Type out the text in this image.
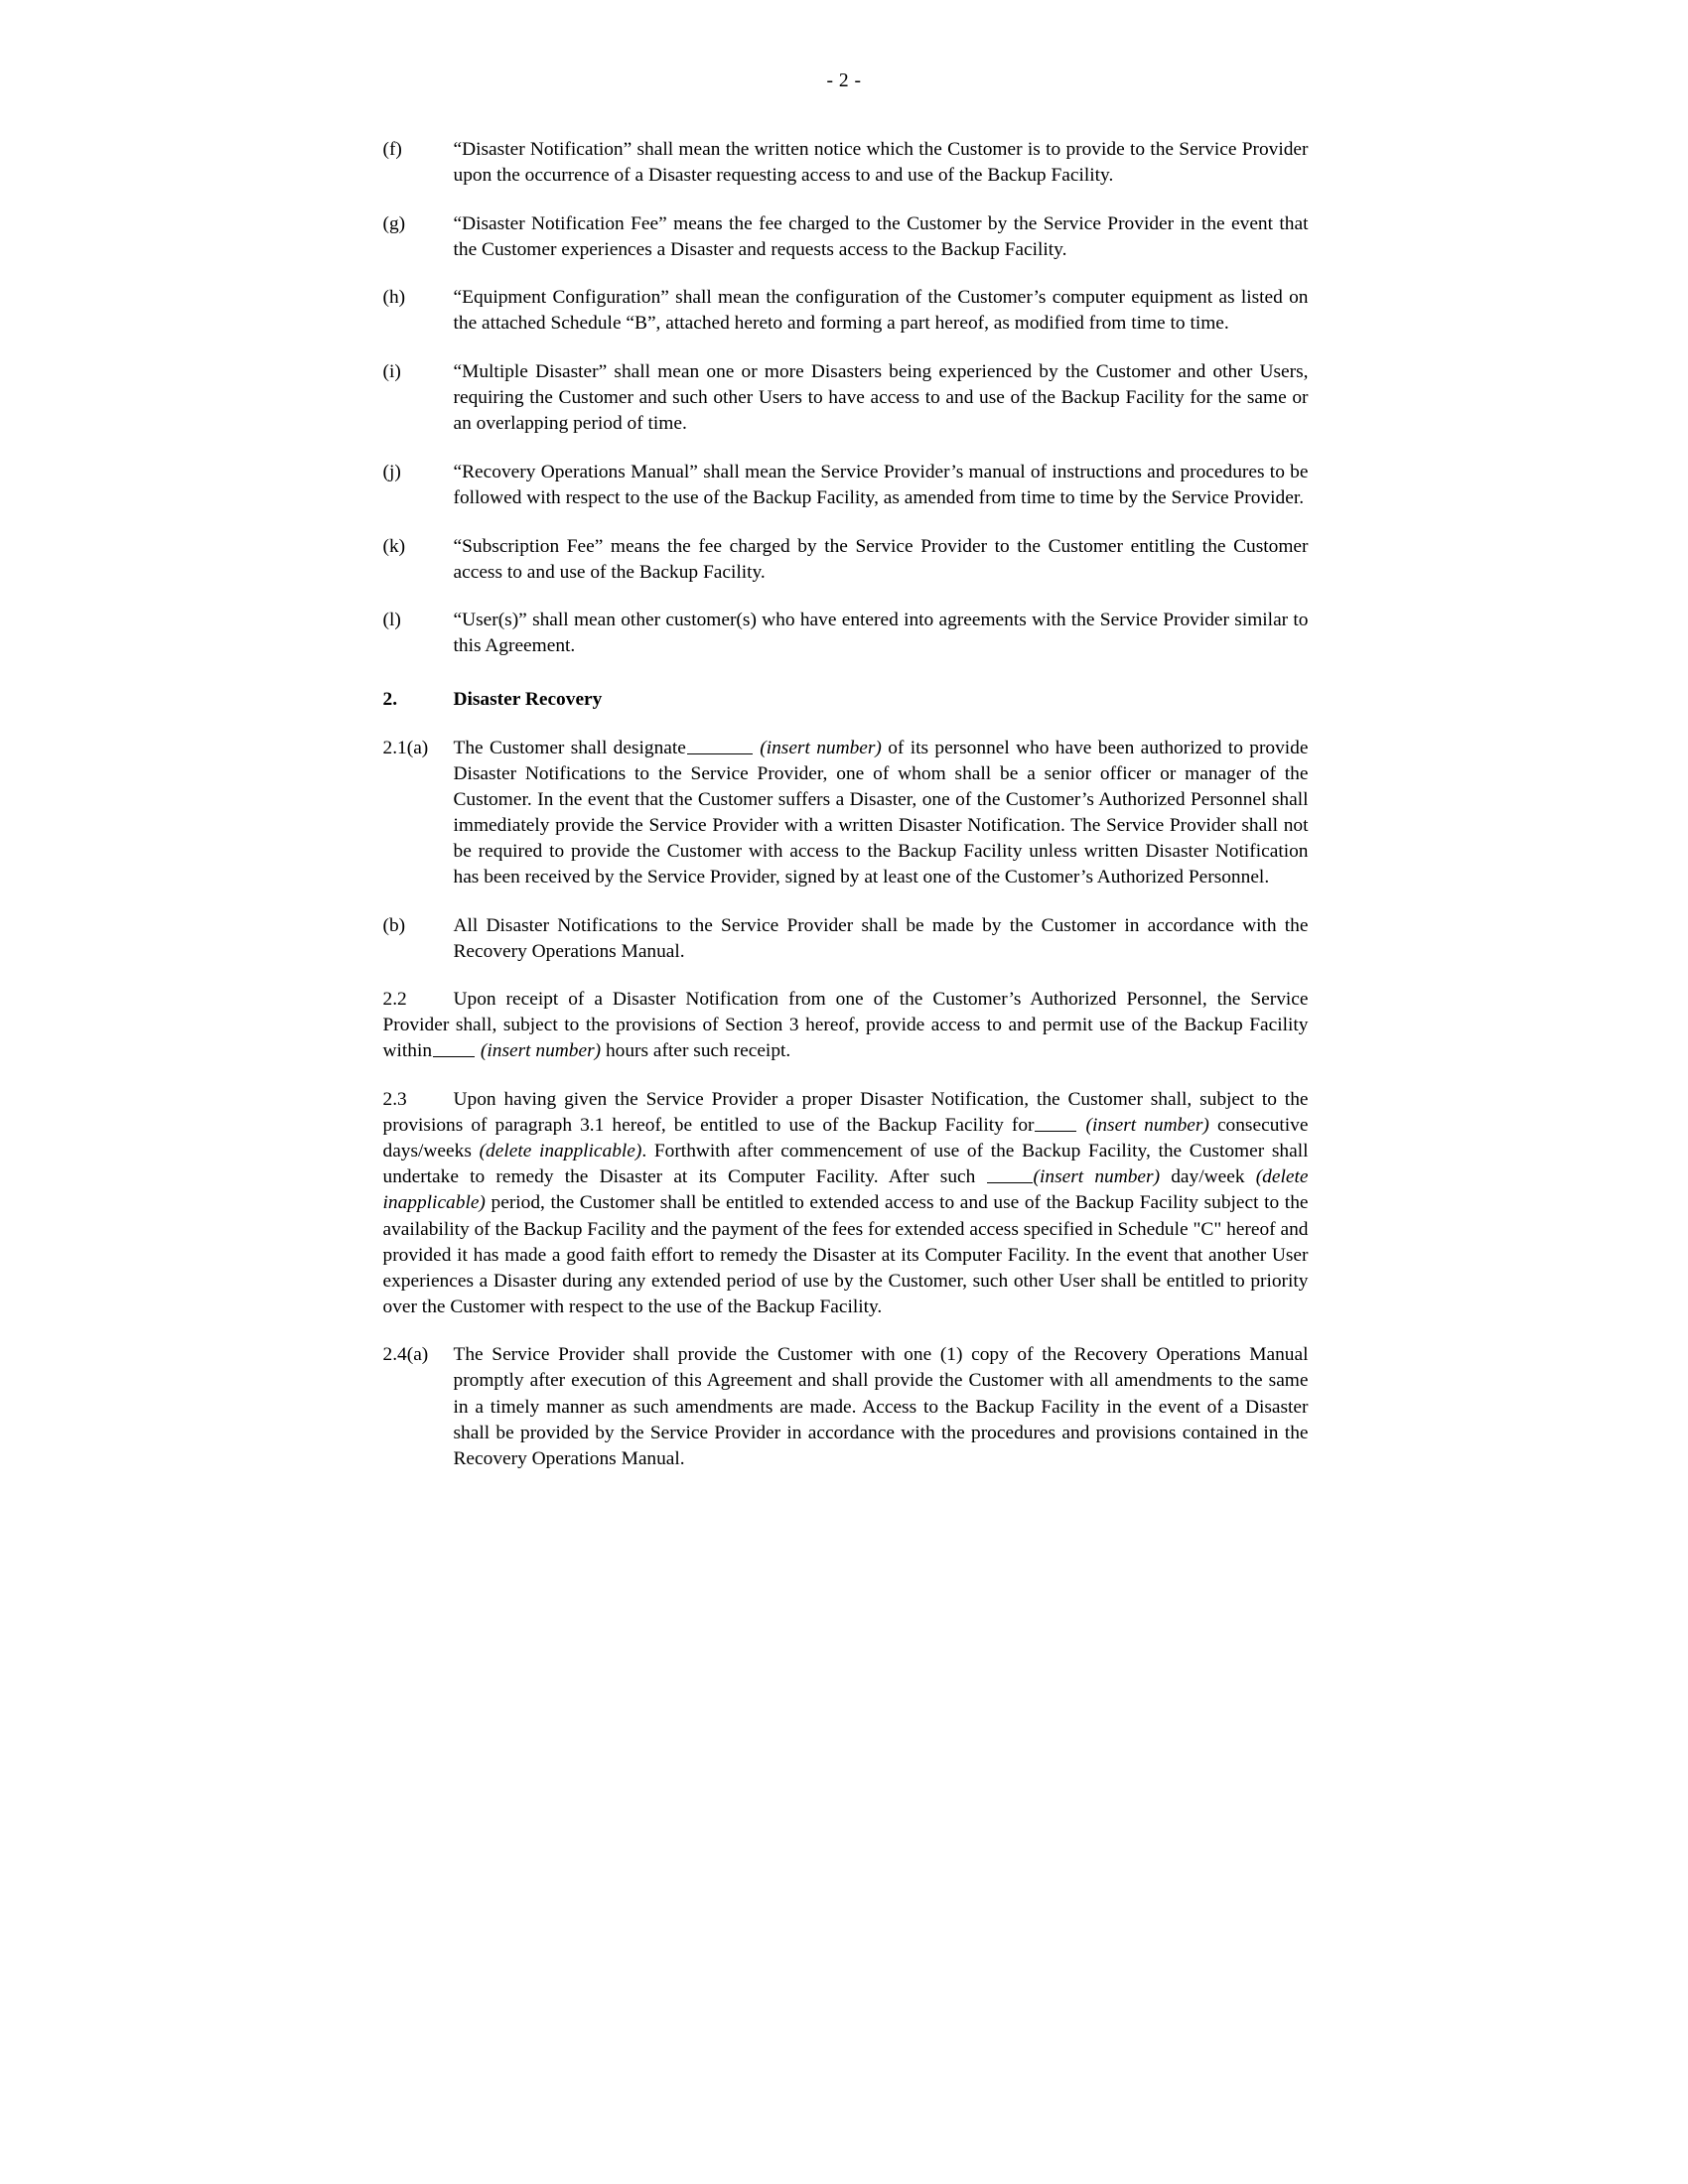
- 2 -
(f)	“Disaster Notification” shall mean the written notice which the Customer is to provide to the Service Provider upon the occurrence of a Disaster requesting access to and use of the Backup Facility.
(g)	“Disaster Notification Fee” means the fee charged to the Customer by the Service Provider in the event that the Customer experiences a Disaster and requests access to the Backup Facility.
(h)	“Equipment Configuration” shall mean the configuration of the Customer’s computer equipment as listed on the attached Schedule “B”, attached hereto and forming a part hereof, as modified from time to time.
(i)	“Multiple Disaster” shall mean one or more Disasters being experienced by the Customer and other Users, requiring the Customer and such other Users to have access to and use of the Backup Facility for the same or an overlapping period of time.
(j)	“Recovery Operations Manual” shall mean the Service Provider’s manual of instructions and procedures to be followed with respect to the use of the Backup Facility, as amended from time to time by the Service Provider.
(k)	“Subscription Fee” means the fee charged by the Service Provider to the Customer entitling the Customer access to and use of the Backup Facility.
(l)	“User(s)” shall mean other customer(s) who have entered into agreements with the Service Provider similar to this Agreement.
2.	Disaster Recovery
2.1(a)	The Customer shall designate	(insert number) of its personnel who have been authorized to provide Disaster Notifications to the Service Provider, one of whom shall be a senior officer or manager of the Customer. In the event that the Customer suffers a Disaster, one of the Customer’s Authorized Personnel shall immediately provide the Service Provider with a written Disaster Notification. The Service Provider shall not be required to provide the Customer with access to the Backup Facility unless written Disaster Notification has been received by the Service Provider, signed by at least one of the Customer’s Authorized Personnel.
(b)	All Disaster Notifications to the Service Provider shall be made by the Customer in accordance with the Recovery Operations Manual.
2.2 Upon receipt of a Disaster Notification from one of the Customer’s Authorized Personnel, the Service Provider shall, subject to the provisions of Section 3 hereof, provide access to and permit use of the Backup Facility within	(insert number) hours after such receipt.
2.3 Upon having given the Service Provider a proper Disaster Notification, the Customer shall, subject to the provisions of paragraph 3.1 hereof, be entitled to use of the Backup Facility for	(insert number) consecutive days/weeks (delete inapplicable). Forthwith after commencement of use of the Backup Facility, the Customer shall undertake to remedy the Disaster at its Computer Facility. After such	(insert number) day/week (delete inapplicable) period, the Customer shall be entitled to extended access to and use of the Backup Facility subject to the availability of the Backup Facility and the payment of the fees for extended access specified in Schedule "C" hereof and provided it has made a good faith effort to remedy the Disaster at its Computer Facility. In the event that another User experiences a Disaster during any extended period of use by the Customer, such other User shall be entitled to priority over the Customer with respect to the use of the Backup Facility.
2.4(a)	The Service Provider shall provide the Customer with one (1) copy of the Recovery Operations Manual promptly after execution of this Agreement and shall provide the Customer with all amendments to the same in a timely manner as such amendments are made. Access to the Backup Facility in the event of a Disaster shall be provided by the Service Provider in accordance with the procedures and provisions contained in the Recovery Operations Manual.
